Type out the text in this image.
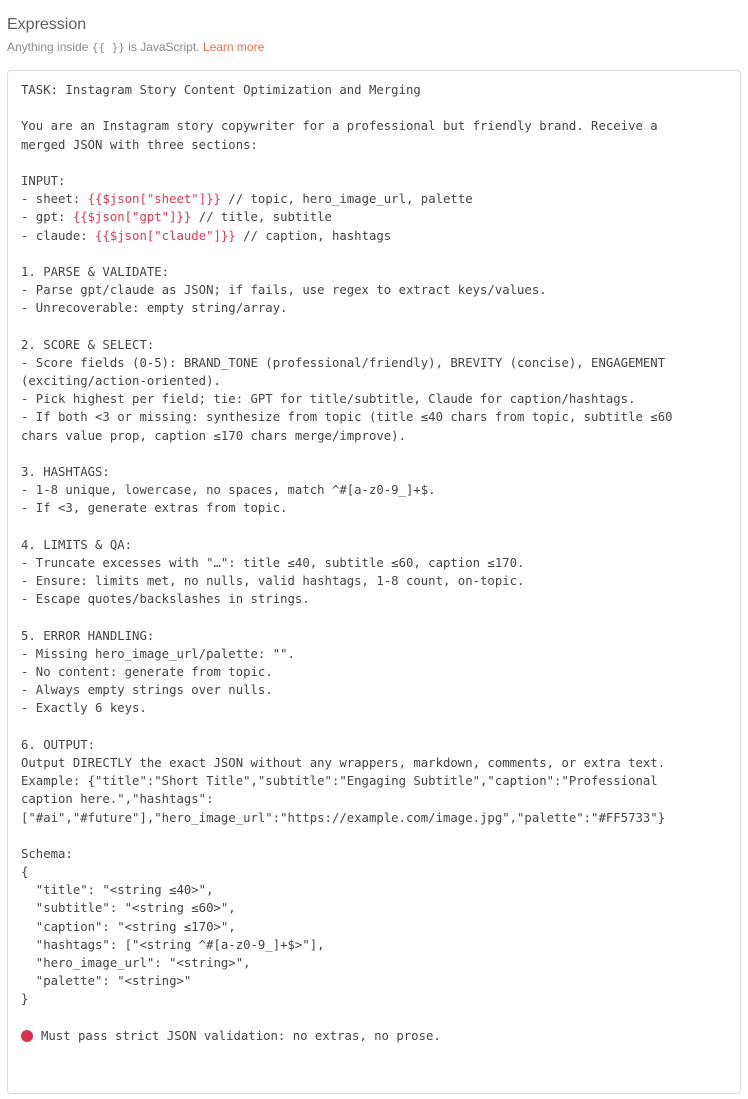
Expression
Anything inside {{ }} is JavaScript. Learn more
TASK: Instagram Story Content Optimization and Merging
You are an Instagram story copywriter for a professional but friendly brand. Receive a
merged JSON with three sections:
INPUT:
- sheet: {{$json["sheet"]}} // topic, hero_image_url, palette
- gpt: {{$json["gpt"]}} // title, subtitle
- claude: {{$json["claude"]}} // caption, hashtags
1. PARSE & VALIDATE:
- Parse gpt/claude as JSON; if fails, use regex to extract keys/values.
- Unrecoverable: empty string/array.
2. SCORE & SELECT:
- Score fields (0-5): BRAND_TONE (professional/friendly), BREVITY (concise), ENGAGEMENT
(exciting/action-oriented).
- Pick highest per field; tie: GPT for title/subtitle, Claude for caption/hashtags.
- If both <3 or missing: synthesize from topic (title ≤40 chars from topic, subtitle ≤60
chars value prop, caption ≤170 chars merge/improve).
3. HASHTAGS:
- 1-8 unique, lowercase, no spaces, match ^#[a-z0-9_]+$.
- If <3, generate extras from topic.
4. LIMITS & QA:
- Truncate excesses with "…": title ≤40, subtitle ≤60, caption ≤170.
- Ensure: limits met, no nulls, valid hashtags, 1-8 count, on-topic.
- Escape quotes/backslashes in strings.
5. ERROR HANDLING:
- Missing hero_image_url/palette: "".
- No content: generate from topic.
- Always empty strings over nulls.
- Exactly 6 keys.
6. OUTPUT:
Output DIRECTLY the exact JSON without any wrappers, markdown, comments, or extra text.
Example: {"title":"Short Title","subtitle":"Engaging Subtitle","caption":"Professional
caption here.","hashtags":
["#ai","#future"],"hero_image_url":"https://example.com/image.jpg","palette":"#FF5733"}
Schema:
{
"title": "<string ≤40>",
"subtitle": "<string ≤60>",
"caption": "<string ≤170>",
"hashtags": ["<string ^#[a-z0-9_]+$>"],
"hero_image_url": "<string>",
"palette": "<string>"
}
Must pass strict JSON validation: no extras, no prose.
